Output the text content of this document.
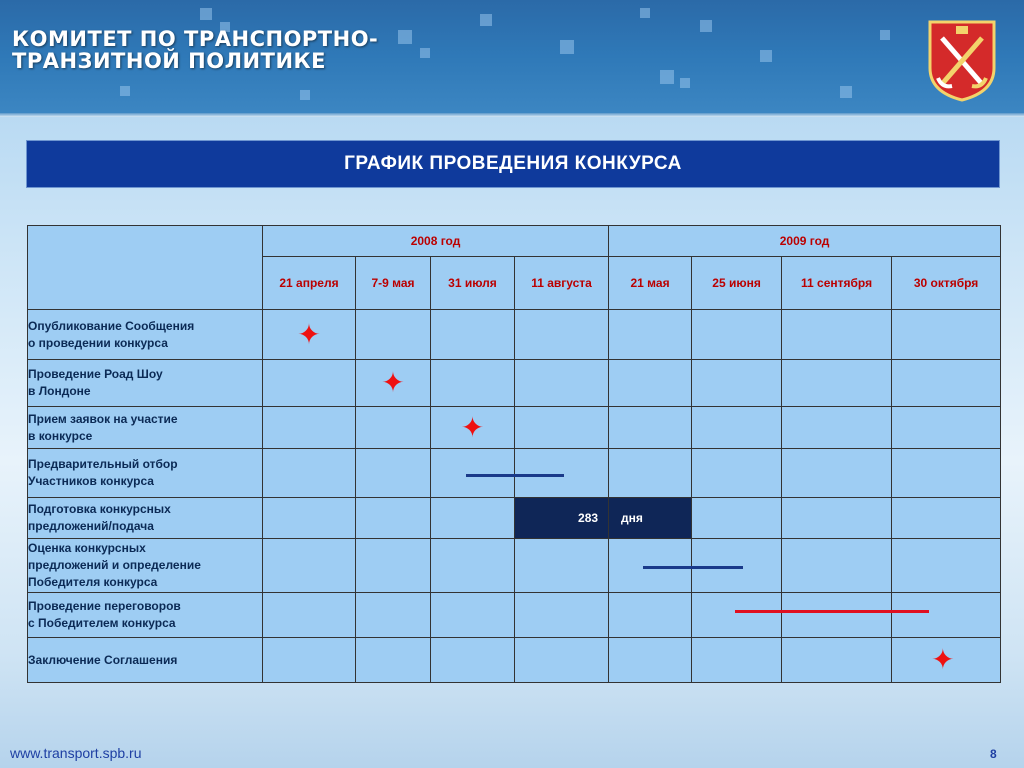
КОМИТЕТ ПО ТРАНСПОРТНО-
ТРАНЗИТНОЙ ПОЛИТИКЕ
ГРАФИК ПРОВЕДЕНИЯ КОНКУРСА
	2008 год				2009 год			
	21 апреля	7-9 мая	31 июля	11 августа	21 мая	25 июня	11 сентября	30 октября

Опубликование Сообщения
о проведении конкурса	✦							

Проведение Роад Шоу
в Лондоне		✦						

Прием заявок на участие
в конкурсе			✦					

Предварительный отбор
Участников конкурса								

Подготовка конкурсных
предложений/подача				283	дня			

Оценка конкурсных
предложений и определение
Победителя конкурса								

Проведение переговоров
с Победителем конкурса								

Заключение Соглашения								✦
www.transport.spb.ru	8
